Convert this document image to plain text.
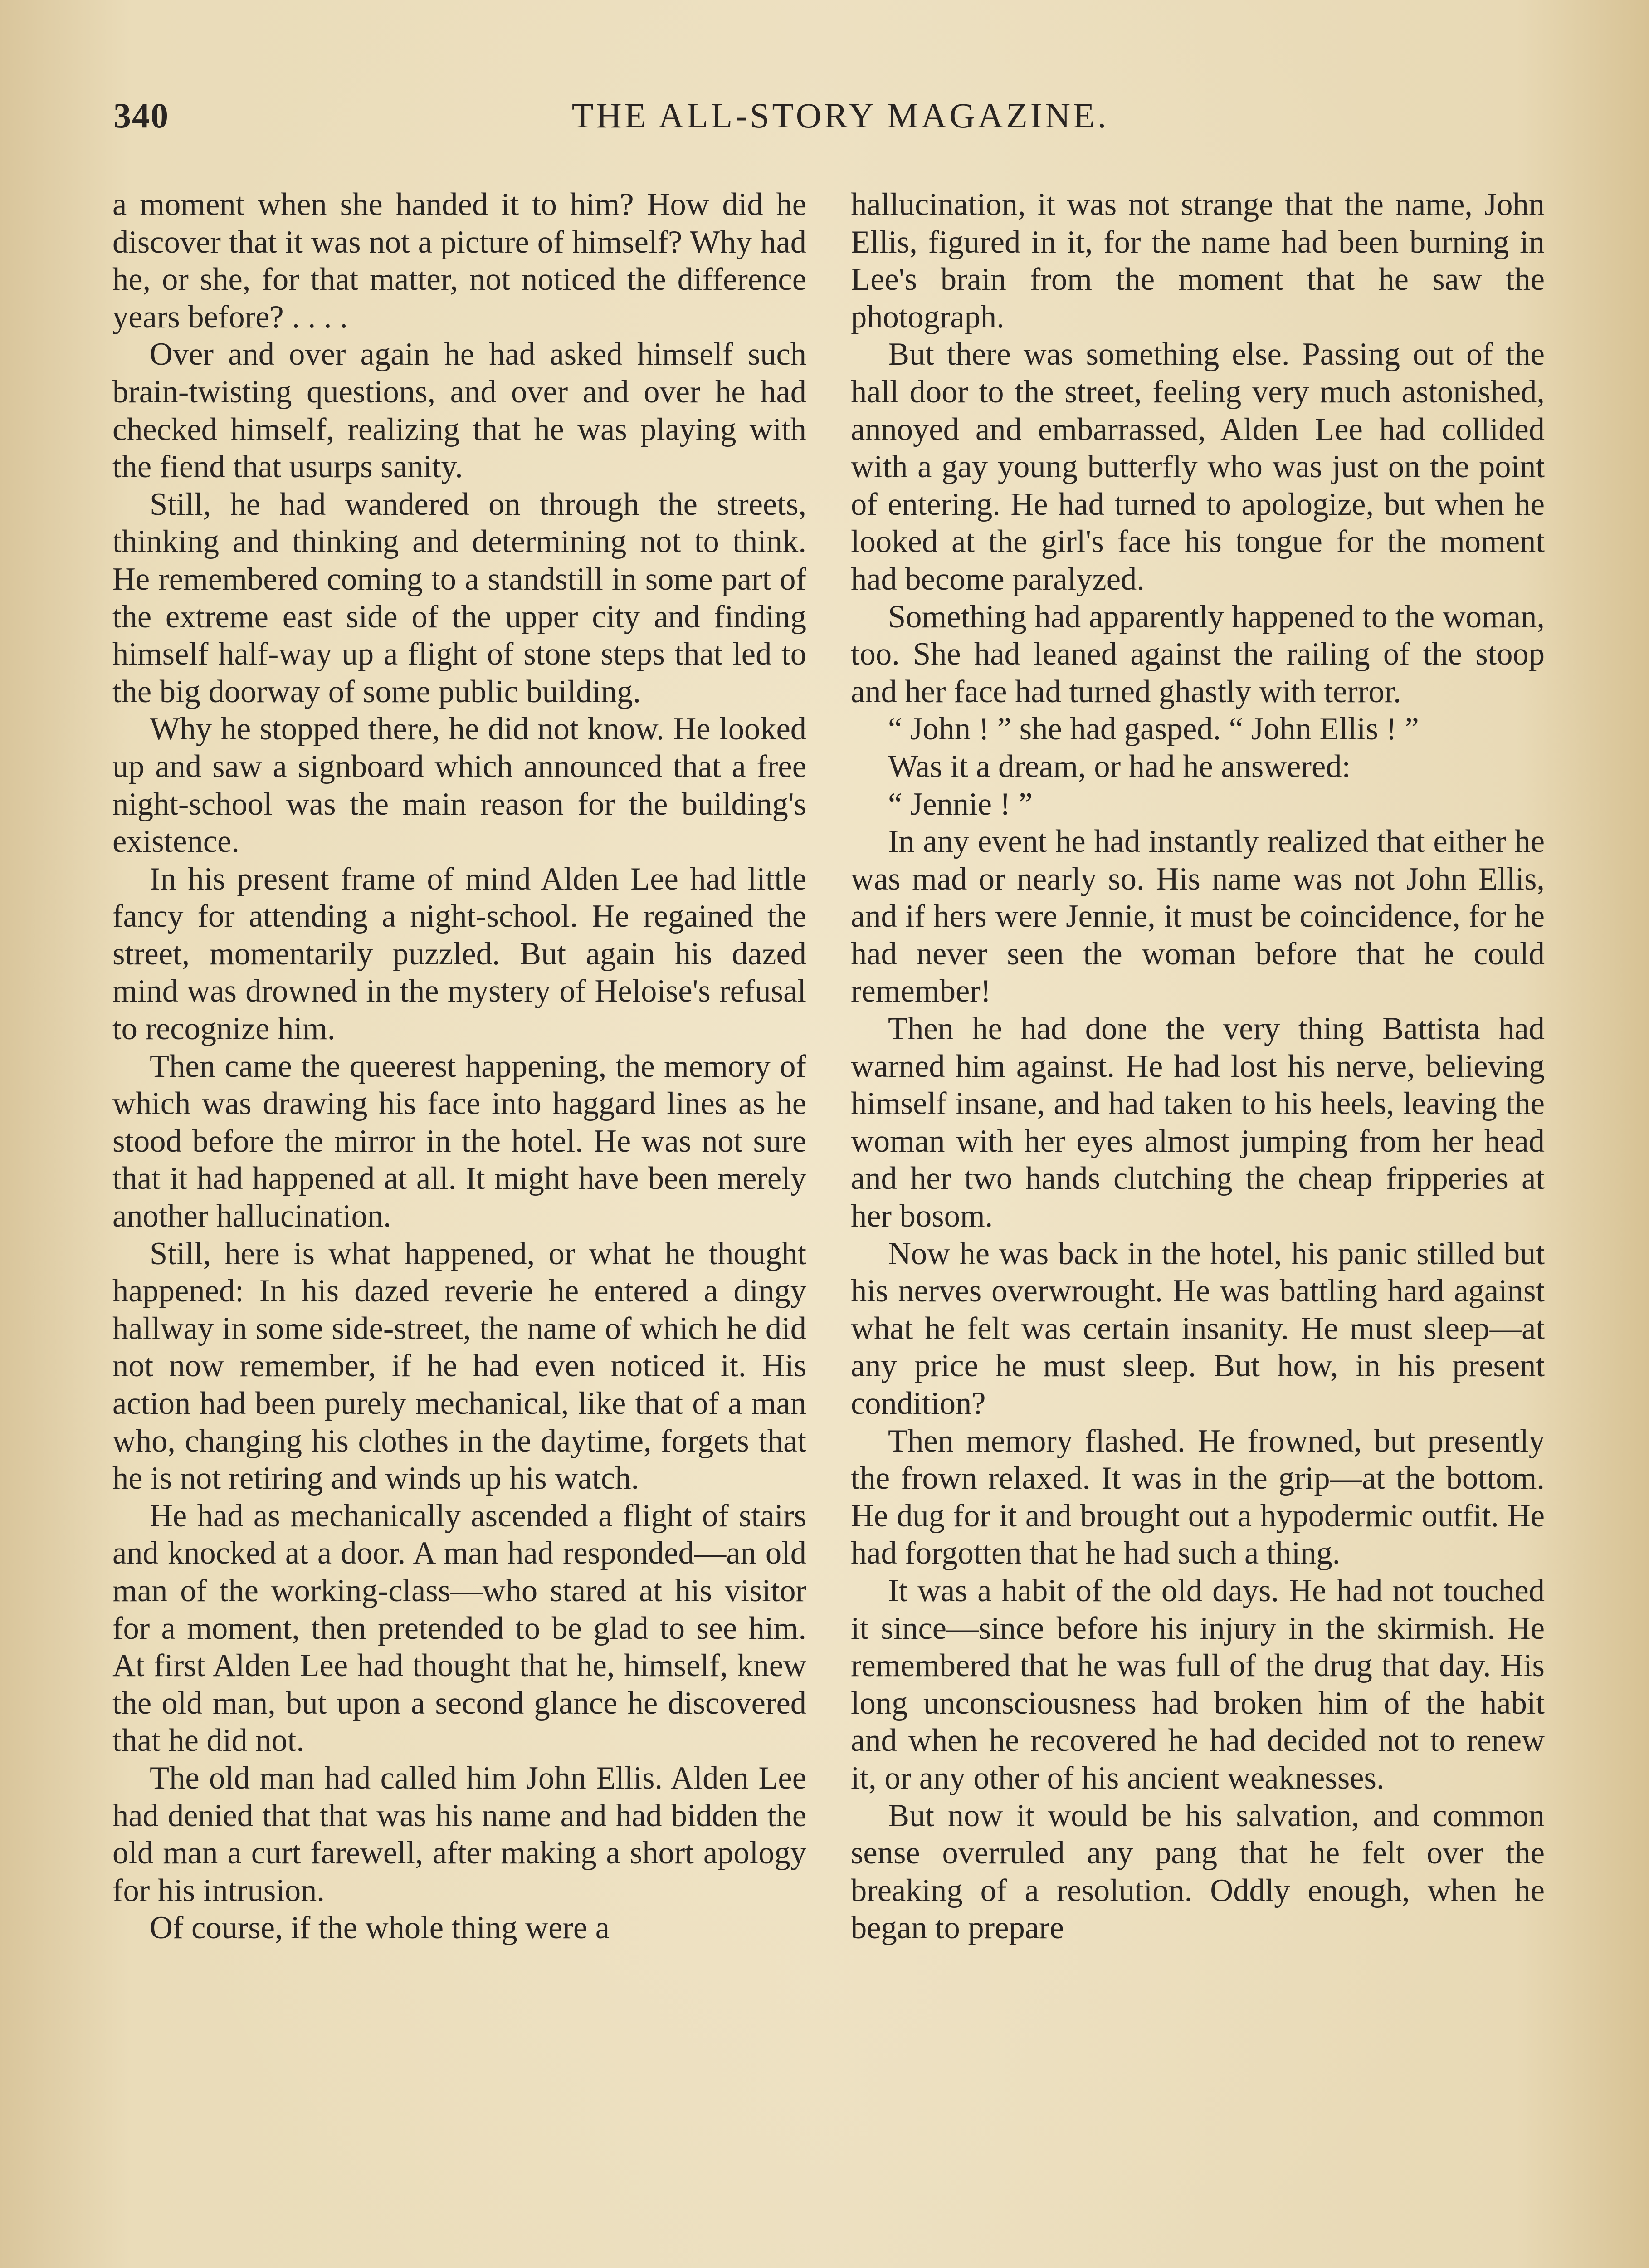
340	THE ALL-STORY MAGAZINE.

a moment when she handed it to him? How did he discover that it was not a picture of himself? Why had he, or she, for that matter, not noticed the difference years before? . . . .

Over and over again he had asked himself such brain-twisting questions, and over and over he had checked himself, realizing that he was playing with the fiend that usurps sanity.

Still, he had wandered on through the streets, thinking and thinking and determining not to think. He remembered coming to a standstill in some part of the extreme east side of the upper city and finding himself half-way up a flight of stone steps that led to the big doorway of some public building.

Why he stopped there, he did not know. He looked up and saw a signboard which announced that a free night-school was the main reason for the building's existence.

In his present frame of mind Alden Lee had little fancy for attending a night-school. He regained the street, momentarily puzzled. But again his dazed mind was drowned in the mystery of Heloise's refusal to recognize him.

Then came the queerest happening, the memory of which was drawing his face into haggard lines as he stood before the mirror in the hotel. He was not sure that it had happened at all. It might have been merely another hallucination.

Still, here is what happened, or what he thought happened: In his dazed reverie he entered a dingy hallway in some side-street, the name of which he did not now remember, if he had even noticed it. His action had been purely mechanical, like that of a man who, changing his clothes in the daytime, forgets that he is not retiring and winds up his watch.

He had as mechanically ascended a flight of stairs and knocked at a door. A man had responded—an old man of the working-class—who stared at his visitor for a moment, then pretended to be glad to see him. At first Alden Lee had thought that he, himself, knew the old man, but upon a second glance he discovered that he did not.

The old man had called him John Ellis. Alden Lee had denied that that was his name and had bidden the old man a curt farewell, after making a short apology for his intrusion.

Of course, if the whole thing were a

hallucination, it was not strange that the name, John Ellis, figured in it, for the name had been burning in Lee's brain from the moment that he saw the photograph.

But there was something else. Passing out of the hall door to the street, feeling very much astonished, annoyed and embarrassed, Alden Lee had collided with a gay young butterfly who was just on the point of entering. He had turned to apologize, but when he looked at the girl's face his tongue for the moment had become paralyzed.

Something had apparently happened to the woman, too. She had leaned against the railing of the stoop and her face had turned ghastly with terror.

“ John ! ” she had gasped. “ John Ellis ! ”

Was it a dream, or had he answered:

“ Jennie ! ”

In any event he had instantly realized that either he was mad or nearly so. His name was not John Ellis, and if hers were Jennie, it must be coincidence, for he had never seen the woman before that he could remember!

Then he had done the very thing Battista had warned him against. He had lost his nerve, believing himself insane, and had taken to his heels, leaving the woman with her eyes almost jumping from her head and her two hands clutching the cheap fripperies at her bosom.

Now he was back in the hotel, his panic stilled but his nerves overwrought. He was battling hard against what he felt was certain insanity. He must sleep—at any price he must sleep. But how, in his present condition?

Then memory flashed. He frowned, but presently the frown relaxed. It was in the grip—at the bottom. He dug for it and brought out a hypodermic outfit. He had forgotten that he had such a thing.

It was a habit of the old days. He had not touched it since—since before his injury in the skirmish. He remembered that he was full of the drug that day. His long unconsciousness had broken him of the habit and when he recovered he had decided not to renew it, or any other of his ancient weaknesses.

But now it would be his salvation, and common sense overruled any pang that he felt over the breaking of a resolution. Oddly enough, when he began to prepare
